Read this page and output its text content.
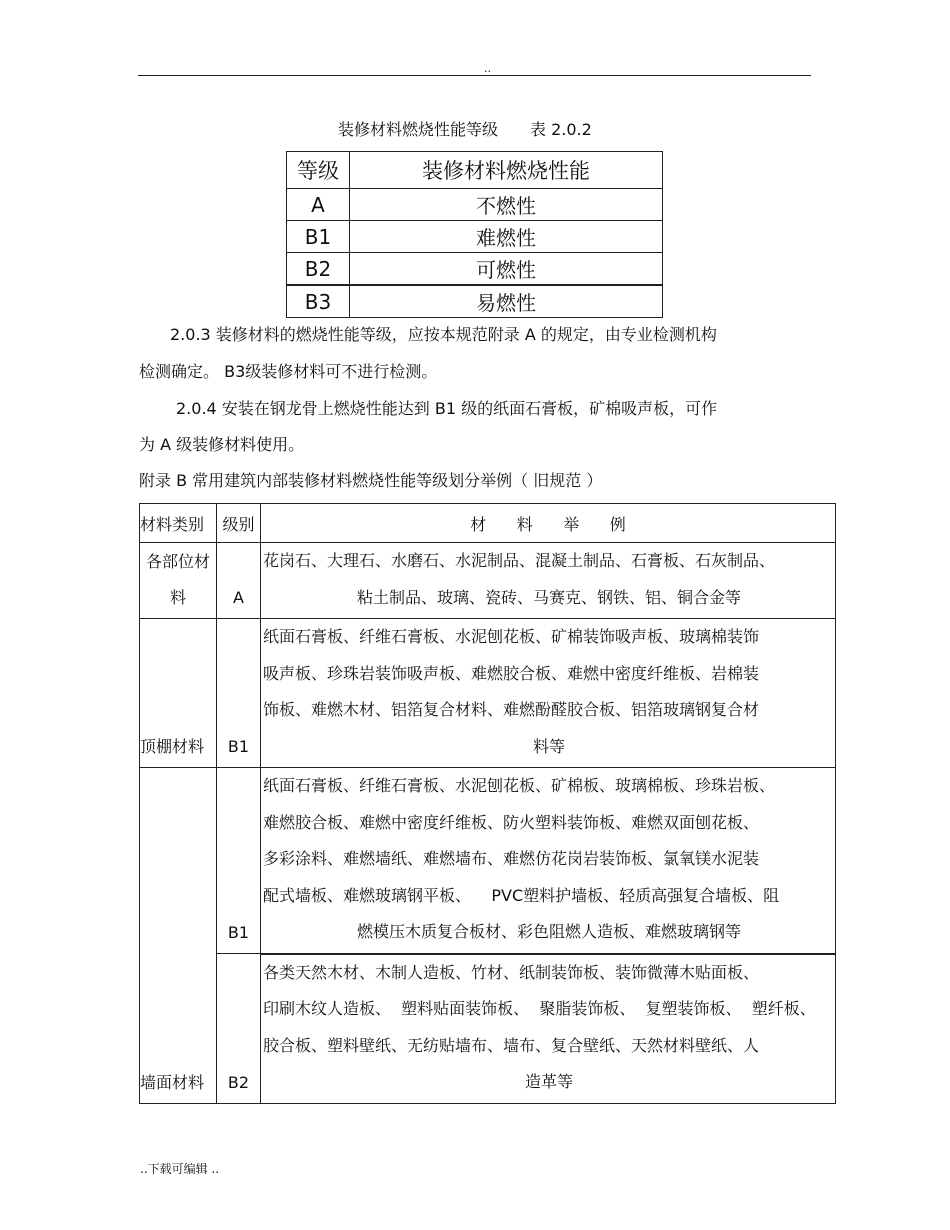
..
装修材料燃烧性能等级 表 2.0.2
等级	装修材料燃烧性能
A	不燃性
B1	难燃性
B2	可燃性
B3	易燃性
2.0.3 装修材料的燃烧性能等级，应按本规范附录 A 的规定，由专业检测机构
检测确定。 B3级装修材料可不进行检测。
2.0.4 安装在钢龙骨上燃烧性能达到 B1 级的纸面石膏板，矿棉吸声板，可作
为 A 级装修材料使用。
附录 B 常用建筑内部装修材料燃烧性能等级划分举例（ 旧规范 ）
材料类别	级别	材      料      举      例

各部位材
料	A	花岗石、大理石、水磨石、水泥制品、混凝土制品、石膏板、石灰制品、
粘土制品、玻璃、瓷砖、马赛克、钢铁、铝、铜合金等

顶棚材料	B1	纸面石膏板、纤维石膏板、水泥刨花板、矿棉装饰吸声板、玻璃棉装饰
吸声板、珍珠岩装饰吸声板、难燃胶合板、难燃中密度纤维板、岩棉装
饰板、难燃木材、铝箔复合材料、难燃酚醛胶合板、铝箔玻璃钢复合材
料等

墙面材料	B1	纸面石膏板、纤维石膏板、水泥刨花板、矿棉板、玻璃棉板、珍珠岩板、
难燃胶合板、难燃中密度纤维板、防火塑料装饰板、难燃双面刨花板、
多彩涂料、难燃墙纸、难燃墙布、难燃仿花岗岩装饰板、氯氧镁水泥装
配式墙板、难燃玻璃钢平板、    PVC塑料护墙板、轻质高强复合墙板、阻
燃模压木质复合板材、彩色阻燃人造板、难燃玻璃钢等

	B2	各类天然木材、木制人造板、竹材、纸制装饰板、装饰微薄木贴面板、
印刷木纹人造板、  塑料贴面装饰板、  聚脂装饰板、  复塑装饰板、  塑纤板、
胶合板、塑料壁纸、无纺贴墙布、墙布、复合壁纸、天然材料壁纸、人
造革等
..下载可编辑 ..
